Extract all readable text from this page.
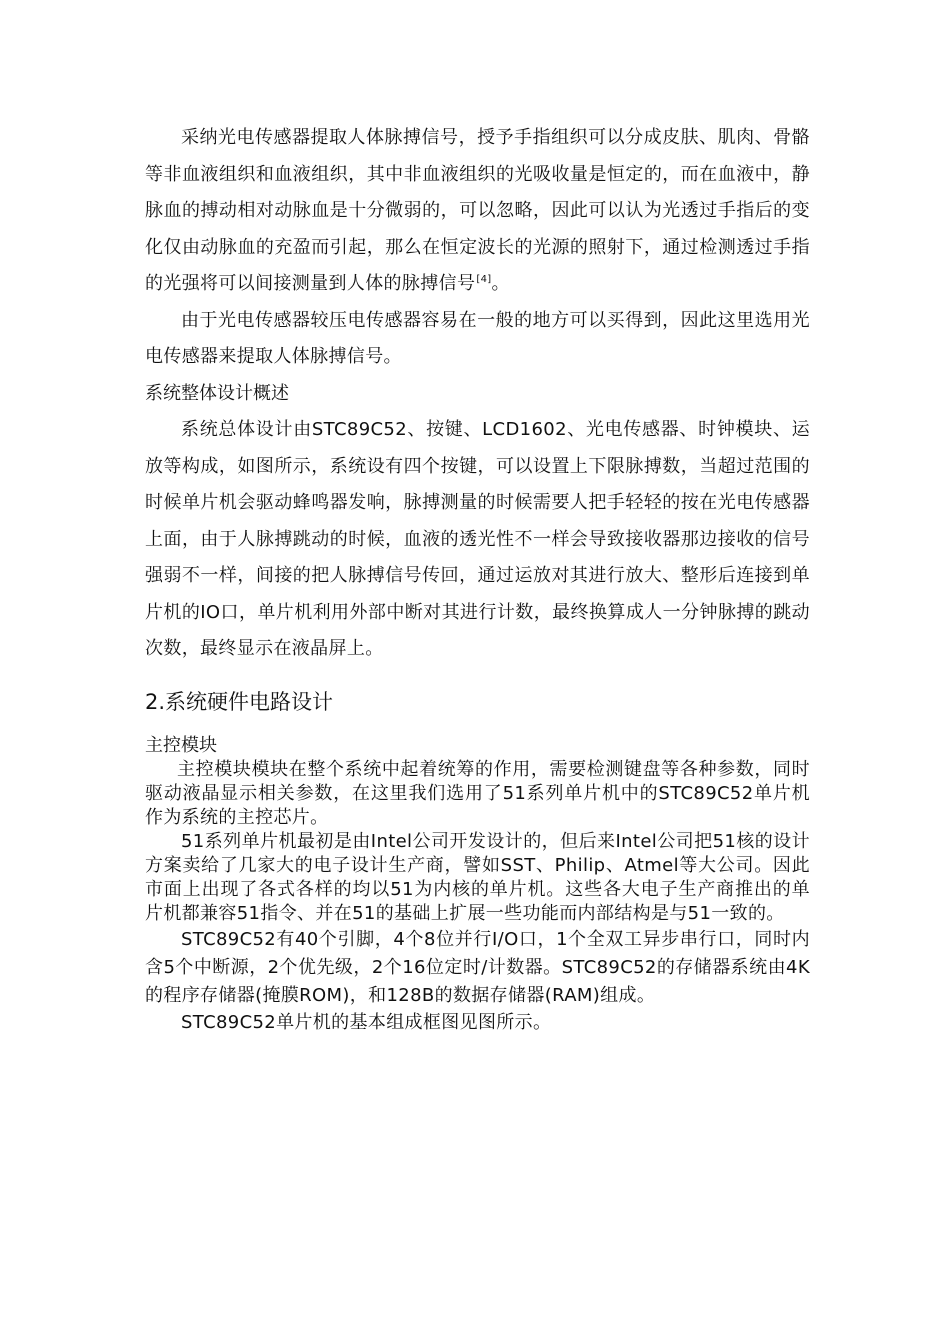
采纳光电传感器提取人体脉搏信号，授予手指组织可以分成皮肤、肌肉、骨骼等非血液组织和血液组织，其中非血液组织的光吸收量是恒定的，而在血液中，静脉血的搏动相对动脉血是十分微弱的，可以忽略，因此可以认为光透过手指后的变化仅由动脉血的充盈而引起，那么在恒定波长的光源的照射下，通过检测透过手指的光强将可以间接测量到人体的脉搏信号[4]。

由于光电传感器较压电传感器容易在一般的地方可以买得到，因此这里选用光电传感器来提取人体脉搏信号。

系统整体设计概述

系统总体设计由STC89C52、按键、LCD1602、光电传感器、时钟模块、运放等构成，如图所示，系统设有四个按键，可以设置上下限脉搏数，当超过范围的时候单片机会驱动蜂鸣器发响，脉搏测量的时候需要人把手轻轻的按在光电传感器上面，由于人脉搏跳动的时候，血液的透光性不一样会导致接收器那边接收的信号强弱不一样，间接的把人脉搏信号传回，通过运放对其进行放大、整形后连接到单片机的IO口，单片机利用外部中断对其进行计数，最终换算成人一分钟脉搏的跳动次数，最终显示在液晶屏上。

2.系统硬件电路设计

主控模块

主控模块模块在整个系统中起着统筹的作用，需要检测键盘等各种参数，同时驱动液晶显示相关参数，在这里我们选用了51系列单片机中的STC89C52单片机作为系统的主控芯片。

51系列单片机最初是由Intel公司开发设计的，但后来Intel公司把51核的设计方案卖给了几家大的电子设计生产商，譬如SST、Philip、Atmel等大公司。因此市面上出现了各式各样的均以51为内核的单片机。这些各大电子生产商推出的单片机都兼容51指令、并在51的基础上扩展一些功能而内部结构是与51一致的。

STC89C52有40个引脚，4个8位并行I/O口，1个全双工异步串行口，同时内含5个中断源，2个优先级，2个16位定时/计数器。STC89C52的存储器系统由4K的程序存储器(掩膜ROM)，和128B的数据存储器(RAM)组成。

STC89C52单片机的基本组成框图见图所示。
